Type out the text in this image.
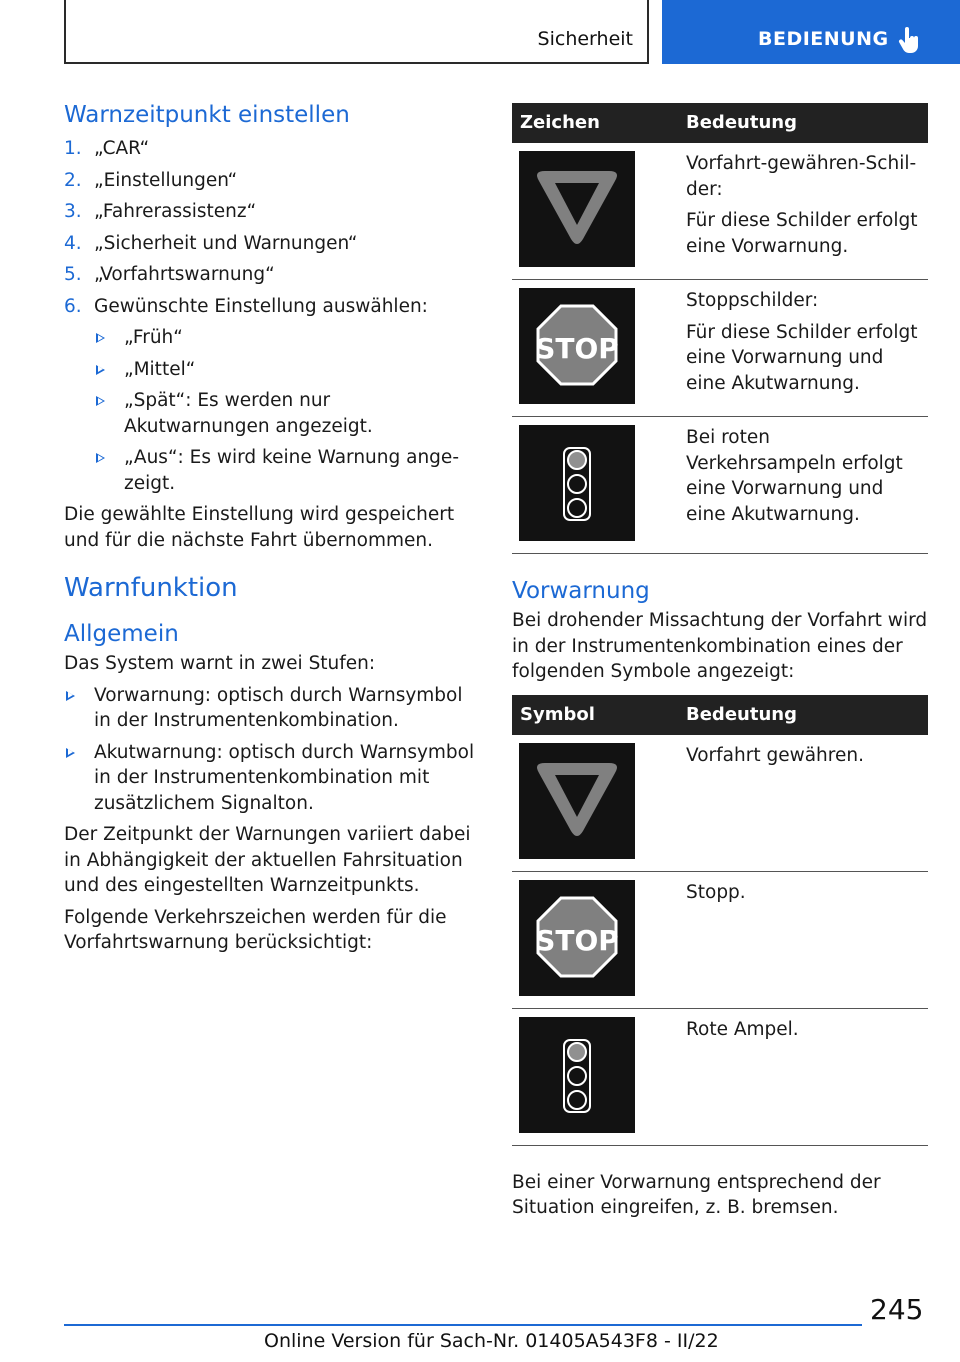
Sicherheit	BEDIENUNG
Warnzeitpunkt einstellen
1. „CAR“
2. „Einstellungen“
3. „Fahrerassistenz“
4. „Sicherheit und Warnungen“
5. „Vorfahrtswarnung“
6. Gewünschte Einstellung auswählen:
„Früh“
„Mittel“
„Spät“: Es werden nur Akutwarnungen angezeigt.
„Aus“: Es wird keine Warnung angezeigt.

Die gewählte Einstellung wird gespeichert und für die nächste Fahrt übernommen.

Warnfunktion
Allgemein

Das System warnt in zwei Stufen:

Vorwarnung: optisch durch Warnsymbol in der Instrumentenkombination.
Akutwarnung: optisch durch Warnsymbol in der Instrumentenkombination mit zusätzlichem Signalton.

Der Zeitpunkt der Warnungen variiert dabei in Abhängigkeit der aktuellen Fahrsituation und des eingestellten Warnzeitpunkts.

Folgende Verkehrszeichen werden für die Vorfahrtswarnung berücksichtigt:

Zeichen	Bedeutung

Vorfahrt-gewähren-Schilder:

Für diese Schilder erfolgt eine Vorwarnung.

STOP	Stoppschilder:

Für diese Schilder erfolgt eine Vorwarnung und eine Akutwarnung.

Bei roten Verkehrsampeln erfolgt eine Vorwarnung und eine Akutwarnung.

Vorwarnung

Bei drohender Missachtung der Vorfahrt wird in der Instrumentenkombination eines der folgenden Symbole angezeigt:

Symbol	Bedeutung

Vorfahrt gewähren.

STOP	Stopp.

Rote Ampel.

Bei einer Vorwarnung entsprechend der Situation eingreifen, z. B. bremsen.

245
Online Version für Sach-Nr. 01405A543F8 - II/22
